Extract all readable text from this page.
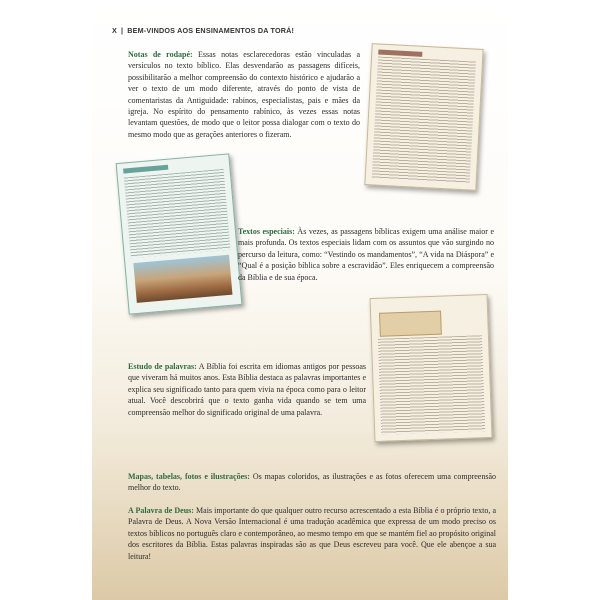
X | BEM-VINDOS AOS ENSINAMENTOS DA TORÁ!
Notas de rodapé: Essas notas esclarecedoras estão vinculadas a versículos no texto bíblico. Elas desvendarão as passagens difíceis, possibilitarão a melhor compreensão do contexto histórico e ajudarão a ver o texto de um modo diferente, através do ponto de vista de comentaristas da Antiguidade: rabinos, especialistas, pais e mães da igreja. No espírito do pensamento rabínico, às vezes essas notas levantam questões, de modo que o leitor possa dialogar com o texto do mesmo modo que as gerações anteriores o fizeram.
Textos especiais: Às vezes, as passagens bíblicas exigem uma análise maior e mais profunda. Os textos especiais lidam com os assuntos que vão surgindo no percurso da leitura, como: “Vestindo os mandamentos”, “A vida na Diáspora” e “Qual é a posição bíblica sobre a escravidão”. Eles enriquecem a compreensão da Bíblia e de sua época.
Estudo de palavras: A Bíblia foi escrita em idiomas antigos por pessoas que viveram há muitos anos. Esta Bíblia destaca as palavras importantes e explica seu significado tanto para quem vivia na época como para o leitor atual. Você descobrirá que o texto ganha vida quando se tem uma compreensão melhor do significado original de uma palavra.
Mapas, tabelas, fotos e ilustrações: Os mapas coloridos, as ilustrações e as fotos oferecem uma compreensão melhor do texto.
A Palavra de Deus: Mais importante do que qualquer outro recurso acrescentado a esta Bíblia é o próprio texto, a Palavra de Deus. A Nova Versão Internacional é uma tradução acadêmica que expressa de um modo preciso os textos bíblicos no português claro e contemporâneo, ao mesmo tempo em que se mantém fiel ao propósito original dos escritores da Bíblia. Estas palavras inspiradas são as que Deus escreveu para você. Que ele abençoe a sua leitura!
